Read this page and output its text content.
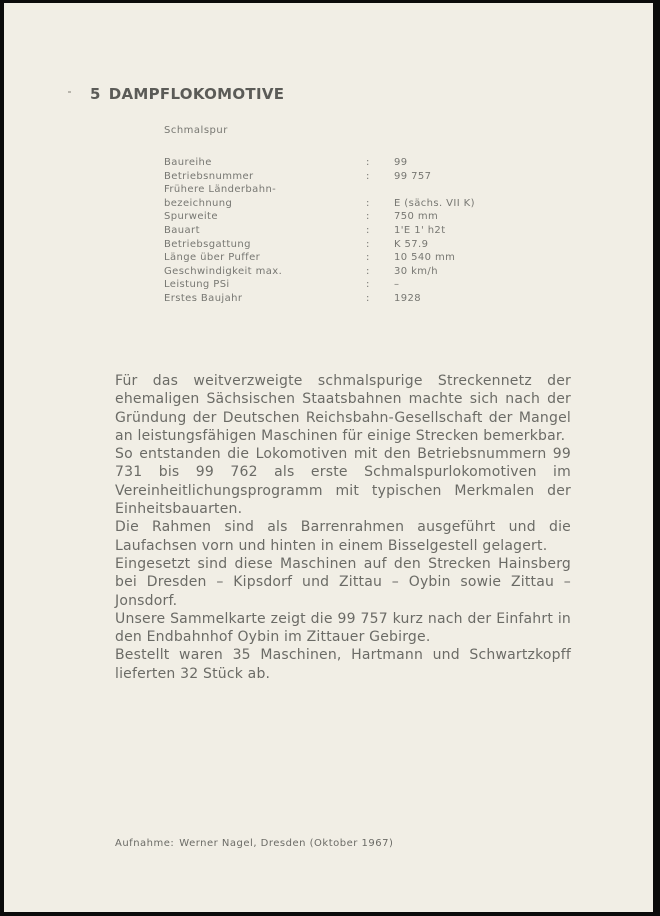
5 DAMPFLOKOMOTIVE
Schmalspur
Baureihe	:	99
Betriebsnummer	:	99 757
Frühere Länderbahn-
bezeichnung	:	E (sächs. VII K)
Spurweite	:	750 mm
Bauart	:	1'E 1' h2t
Betriebsgattung	:	K 57.9
Länge über Puffer	:	10 540 mm
Geschwindigkeit max.	:	30 km/h
Leistung PSi	:	–
Erstes Baujahr	:	1928

Für das weitverzweigte schmalspurige Streckennetz der ehemaligen Sächsischen Staatsbahnen machte sich nach der Gründung der Deutschen Reichsbahn-Gesellschaft der Mangel an leistungsfähigen Maschinen für einige Strecken bemerkbar.

So entstanden die Lokomotiven mit den Betriebsnummern 99 731 bis 99 762 als erste Schmalspurlokomotiven im Vereinheitlichungsprogramm mit typischen Merkmalen der Einheitsbauarten.

Die Rahmen sind als Barrenrahmen ausgeführt und die Laufachsen vorn und hinten in einem Bisselgestell gelagert.

Eingesetzt sind diese Maschinen auf den Strecken Hainsberg bei Dresden – Kipsdorf und Zittau – Oybin sowie Zittau – Jonsdorf.

Unsere Sammelkarte zeigt die 99 757 kurz nach der Einfahrt in den Endbahnhof Oybin im Zittauer Gebirge.

Bestellt waren 35 Maschinen, Hartmann und Schwartzkopff lieferten 32 Stück ab.

Aufnahme: Werner Nagel, Dresden (Oktober 1967)
